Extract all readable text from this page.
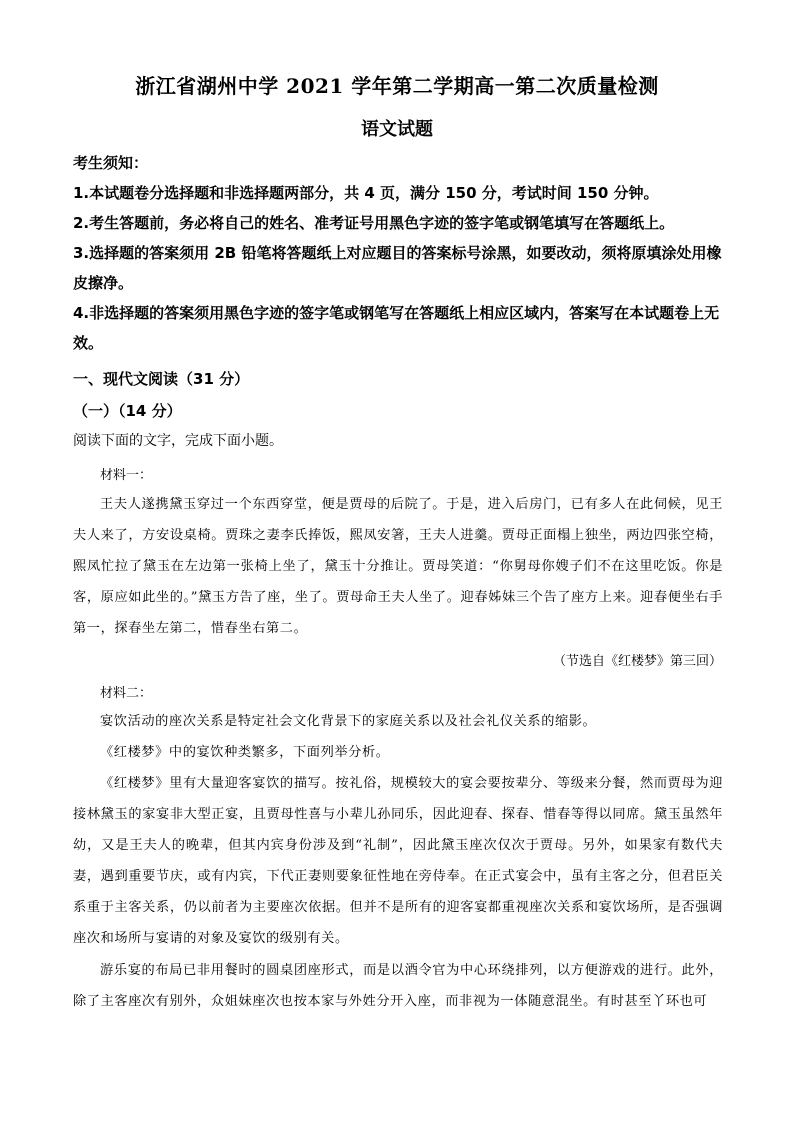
浙江省湖州中学 2021 学年第二学期高一第二次质量检测
语文试题
考生须知：

1.本试题卷分选择题和非选择题两部分，共 4 页，满分 150 分，考试时间 150 分钟。

2.考生答题前，务必将自己的姓名、准考证号用黑色字迹的签字笔或钢笔填写在答题纸上。

3.选择题的答案须用 2B 铅笔将答题纸上对应题目的答案标号涂黑，如要改动，须将原填涂处用橡皮擦净。

4.非选择题的答案须用黑色字迹的签字笔或钢笔写在答题纸上相应区域内，答案写在本试题卷上无效。

一、现代文阅读（31 分）
（一）（14 分）
阅读下面的文字，完成下面小题。
材料一：

王夫人遂携黛玉穿过一个东西穿堂，便是贾母的后院了。于是，进入后房门，已有多人在此伺候，见王夫人来了，方安设桌椅。贾珠之妻李氏捧饭，熙凤安箸，王夫人进羹。贾母正面榻上独坐，两边四张空椅，熙凤忙拉了黛玉在左边第一张椅上坐了，黛玉十分推让。贾母笑道：“你舅母你嫂子们不在这里吃饭。你是客，原应如此坐的。”黛玉方告了座，坐了。贾母命王夫人坐了。迎春姊妹三个告了座方上来。迎春便坐右手第一，探春坐左第二，惜春坐右第二。

（节选自《红楼梦》第三回）
材料二：

宴饮活动的座次关系是特定社会文化背景下的家庭关系以及社会礼仪关系的缩影。

《红楼梦》中的宴饮种类繁多，下面列举分析。

《红楼梦》里有大量迎客宴饮的描写。按礼俗，规模较大的宴会要按辈分、等级来分餐，然而贾母为迎接林黛玉的家宴非大型正宴，且贾母性喜与小辈儿孙同乐，因此迎春、探春、惜春等得以同席。黛玉虽然年幼，又是王夫人的晚辈，但其内宾身份涉及到“礼制”，因此黛玉座次仅次于贾母。另外，如果家有数代夫妻，遇到重要节庆，或有内宾，下代正妻则要象征性地在旁侍奉。在正式宴会中，虽有主客之分，但君臣关系重于主客关系，仍以前者为主要座次依据。但并不是所有的迎客宴都重视座次关系和宴饮场所，是否强调座次和场所与宴请的对象及宴饮的级别有关。

游乐宴的布局已非用餐时的圆桌团座形式，而是以酒令官为中心环绕排列，以方便游戏的进行。此外，除了主客座次有别外，众姐妹座次也按本家与外姓分开入座，而非视为一体随意混坐。有时甚至丫环也可
